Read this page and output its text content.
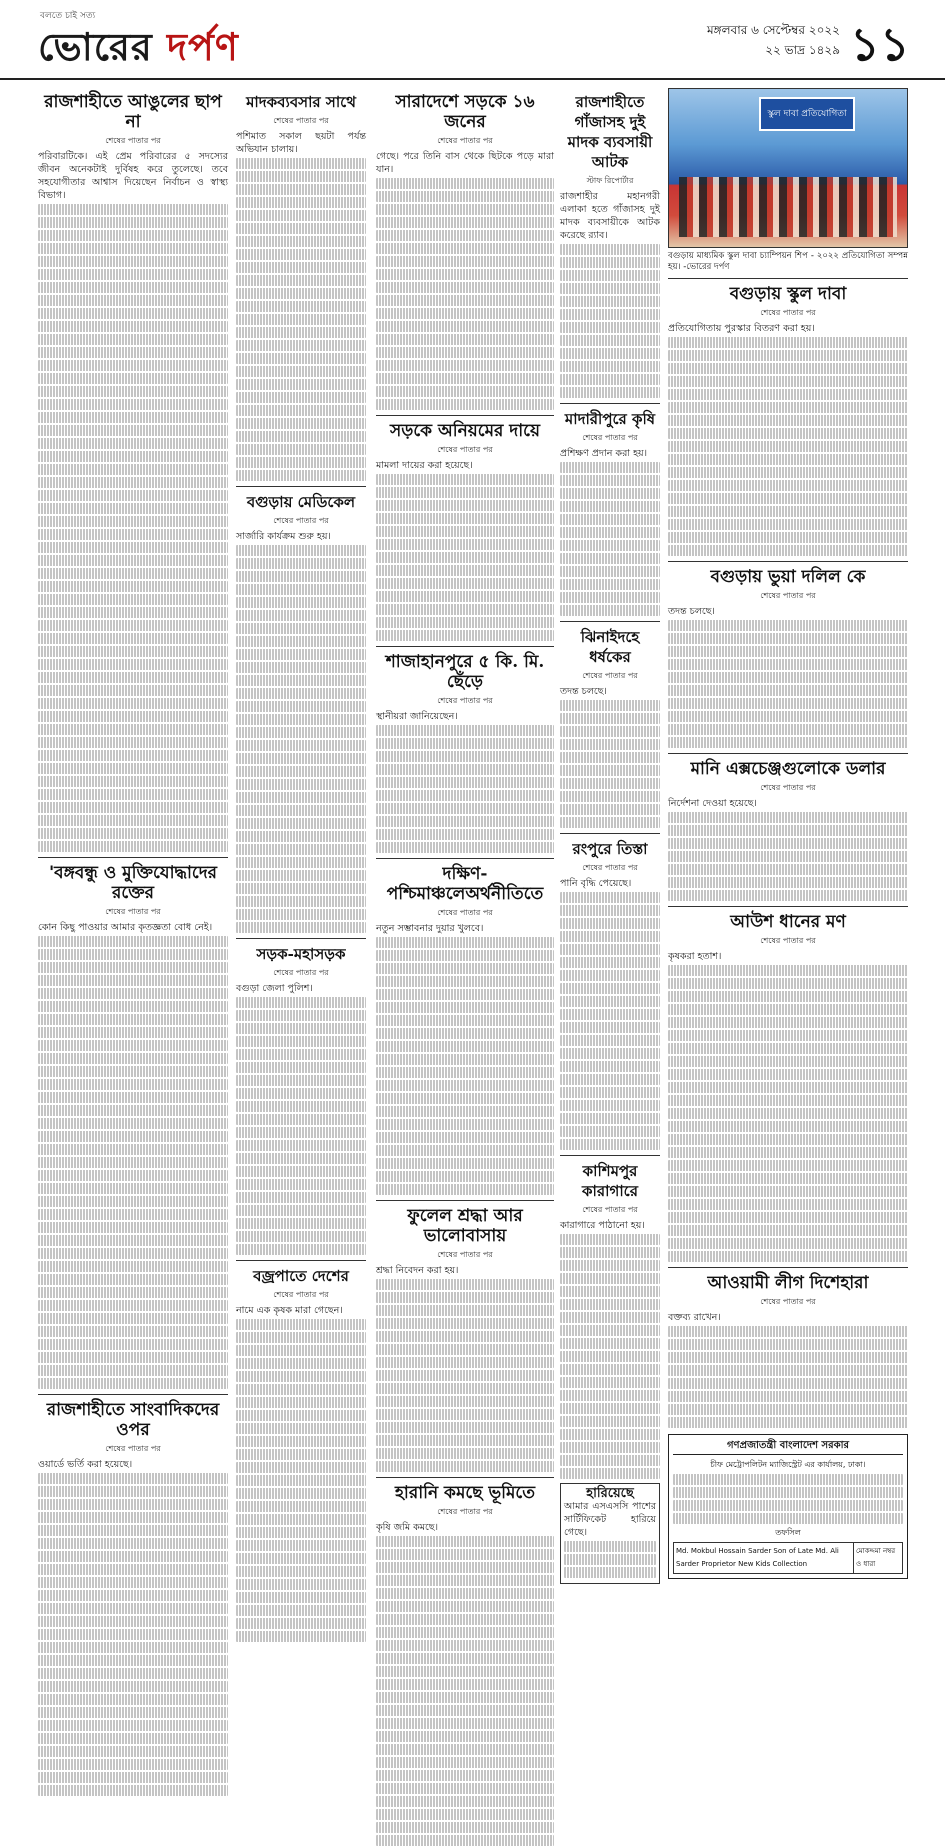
বলতে চাই সত্য
ভোরের দর্পণ	মঙ্গলবার ৬ সেপ্টেম্বর ২০২২
২২ ভাদ্র ১৪২৯ ১১
রাজশাহীতে আঙুলের ছাপ না
শেষের পাতার পর
পরিবারটিকে। এই প্রেম পরিবারের ৫ সদস্যের জীবন অনেকটাই দুর্বিষহ করে তুলেছে। তবে সহযোগীতার আশ্বাস দিয়েছেন নির্বাচন ও স্বাস্থ্য বিভাগ।
'বঙ্গবন্ধু ও মুক্তিযোদ্ধাদের রক্তের
শেষের পাতার পর
কোন কিছু পাওয়ার আমার কৃতজ্ঞতা বোধ নেই।
রাজশাহীতে সাংবাদিকদের ওপর
শেষের পাতার পর
ওয়ার্ডে ভর্তি করা হয়েছে।
মাদকব্যবসার সাথে
শেষের পাতার পর
পশিমাত সকাল ছয়টা পর্যন্ত অভিযান চালায়।
বগুড়ায় মেডিকেল
শেষের পাতার পর
সার্জারি কার্যক্রম শুরু হয়।
সড়ক-মহাসড়ক
শেষের পাতার পর
বগুড়া জেলা পুলিশ।
বজ্রপাতে দেশের
শেষের পাতার পর
নামে এক কৃষক মারা গেছেন।
সারাদেশে সড়কে ১৬ জনের
শেষের পাতার পর
গেছে। পরে তিনি বাস থেকে ছিটকে পড়ে মারা যান।
সড়কে অনিয়মের দায়ে
শেষের পাতার পর
মামলা দায়ের করা হয়েছে।
শাজাহানপুরে ৫ কি. মি. ছেঁড়ে
শেষের পাতার পর
স্থানীয়রা জানিয়েছেন।
দক্ষিণ-পশ্চিমাঞ্চলেঅর্থনীতিতে
শেষের পাতার পর
নতুন সম্ভাবনার দুয়ার খুলবে।
ফুলেল শ্রদ্ধা আর ভালোবাসায়
শেষের পাতার পর
শ্রদ্ধা নিবেদন করা হয়।
হারানি কমছে ভূমিতে
শেষের পাতার পর
কৃষি জমি কমছে।
রাজশাহীতে গাঁজাসহ দুই মাদক ব্যবসায়ী আটক
স্টাফ রিপোর্টার
রাজশাহীর মহানগরী এলাকা হতে গাঁজাসহ দুই মাদক ব্যবসায়ীকে আটক করেছে র‍্যাব।
মাদারীপুরে কৃষি
শেষের পাতার পর
প্রশিক্ষণ প্রদান করা হয়।
ঝিনাইদহে ধর্ষকের
শেষের পাতার পর
তদন্ত চলছে।
রংপুরে তিস্তা
শেষের পাতার পর
পানি বৃদ্ধি পেয়েছে।
কাশিমপুর কারাগারে
শেষের পাতার পর
কারাগারে পাঠানো হয়।
হারিয়েছে
আমার এসএসসি পাশের সার্টিফিকেট হারিয়ে গেছে।
স্কুল দাবা প্রতিযোগিতা
বগুড়ায় মাধ্যমিক স্কুল দাবা চ্যাম্পিয়ন শিপ - ২০২২ প্রতিযোগিতা সম্পন্ন হয়। -ভোরের দর্পণ
বগুড়ায় স্কুল দাবা
শেষের পাতার পর
প্রতিযোগিতায় পুরস্কার বিতরণ করা হয়।
বগুড়ায় ভুয়া দলিল কে
শেষের পাতার পর
তদন্ত চলছে।
মানি এক্সচেঞ্জগুলোকে ডলার
শেষের পাতার পর
নির্দেশনা দেওয়া হয়েছে।
আউশ ধানের মণ
শেষের পাতার পর
কৃষকরা হতাশ।
আওয়ামী লীগ দিশেহারা
শেষের পাতার পর
বক্তব্য রাখেন।
গণপ্রজাতন্ত্রী বাংলাদেশ সরকার
চীফ মেট্রোপলিটন ম্যাজিস্ট্রেট এর কার্যালয়, ঢাকা।
তফসিল
Md. Mokbul Hossain Sarder Son of Late Md. Ali Sarder Proprietor New Kids Collection	মোকদ্দমা নম্বর ও ধারা
